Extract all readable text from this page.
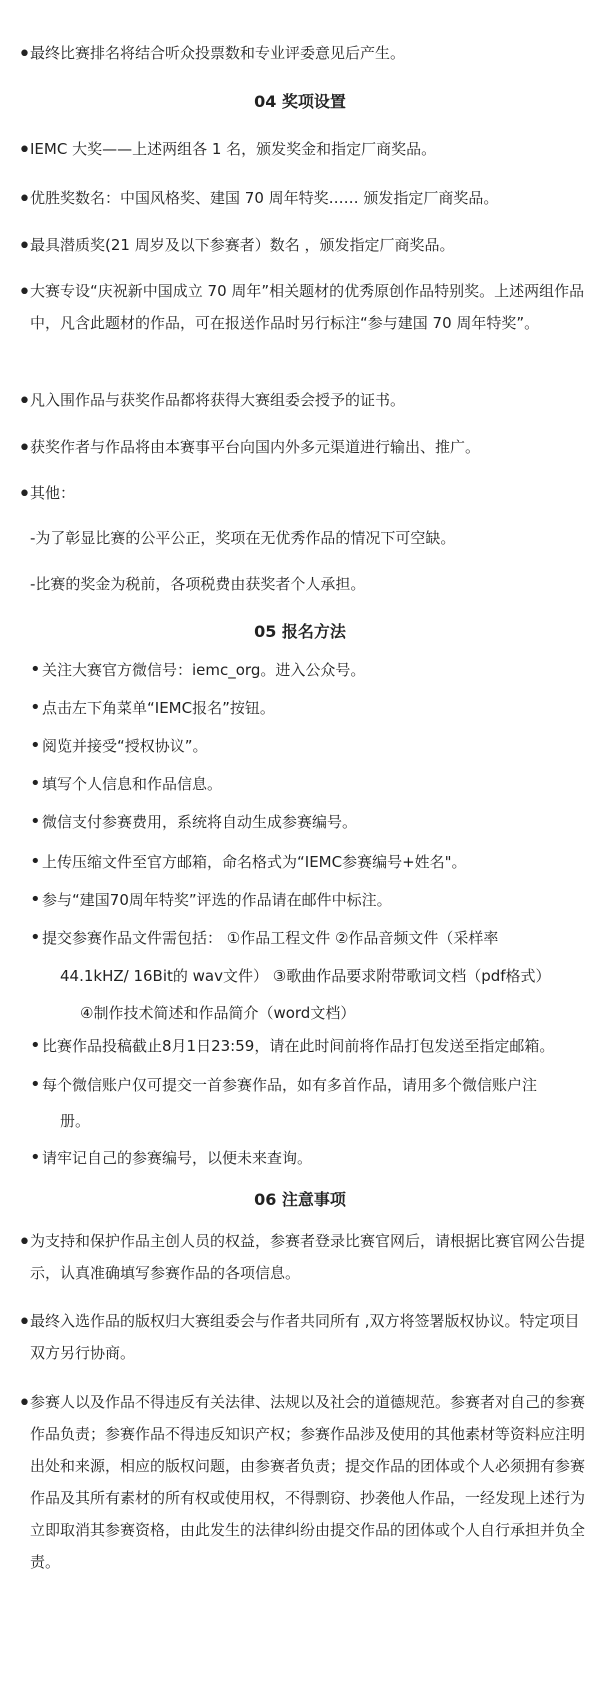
• 最终比赛排名将结合听众投票数和专业评委意见后产生。
04 奖项设置
• IEMC 大奖——上述两组各 1 名，颁发奖金和指定厂商奖品。
• 优胜奖数名：中国风格奖、建国 70 周年特奖…… 颁发指定厂商奖品。
• 最具潜质奖(21 周岁及以下参赛者）数名 ，颁发指定厂商奖品。
• 大赛专设“庆祝新中国成立 70 周年”相关题材的优秀原创作品特别奖。上述两组作品中，凡含此题材的作品，可在报送作品时另行标注“参与建国 70 周年特奖”。
• 凡入围作品与获奖作品都将获得大赛组委会授予的证书。
• 获奖作者与作品将由本赛事平台向国内外多元渠道进行输出、推广。
• 其他：
-为了彰显比赛的公平公正，奖项在无优秀作品的情况下可空缺。
-比赛的奖金为税前，各项税费由获奖者个人承担。
05 报名方法
• 关注大赛官方微信号：iemc_org。进入公众号。
• 点击左下角菜单“IEMC报名”按钮。
• 阅览并接受“授权协议”。
• 填写个人信息和作品信息。
• 微信支付参赛费用，系统将自动生成参赛编号。
• 上传压缩文件至官方邮箱，命名格式为“IEMC参赛编号+姓名"。
• 参与“建国70周年特奖”评选的作品请在邮件中标注。
• 提交参赛作品文件需包括： ①作品工程文件 ②作品音频文件（采样率
44.1kHZ/ 16Bit的 wav文件） ③歌曲作品要求附带歌词文档（pdf格式）
④制作技术简述和作品简介（word文档）
• 比赛作品投稿截止8月1日23:59，请在此时间前将作品打包发送至指定邮箱。
• 每个微信账户仅可提交一首参赛作品，如有多首作品，请用多个微信账户注
册。
• 请牢记自己的参赛编号，以便未来查询。
06 注意事项
• 为支持和保护作品主创人员的权益，参赛者登录比赛官网后，请根据比赛官网公告提示，认真准确填写参赛作品的各项信息。
• 最终入选作品的版权归大赛组委会与作者共同所有 ,双方将签署版权协议。特定项目双方另行协商。
• 参赛人以及作品不得违反有关法律、法规以及社会的道德规范。参赛者对自己的参赛作品负责；参赛作品不得违反知识产权；参赛作品涉及使用的其他素材等资料应注明出处和来源，相应的版权问题，由参赛者负责；提交作品的团体或个人必须拥有参赛作品及其所有素材的所有权或使用权，不得剽窃、抄袭他人作品，一经发现上述行为立即取消其参赛资格，由此发生的法律纠纷由提交作品的团体或个人自行承担并负全责。
